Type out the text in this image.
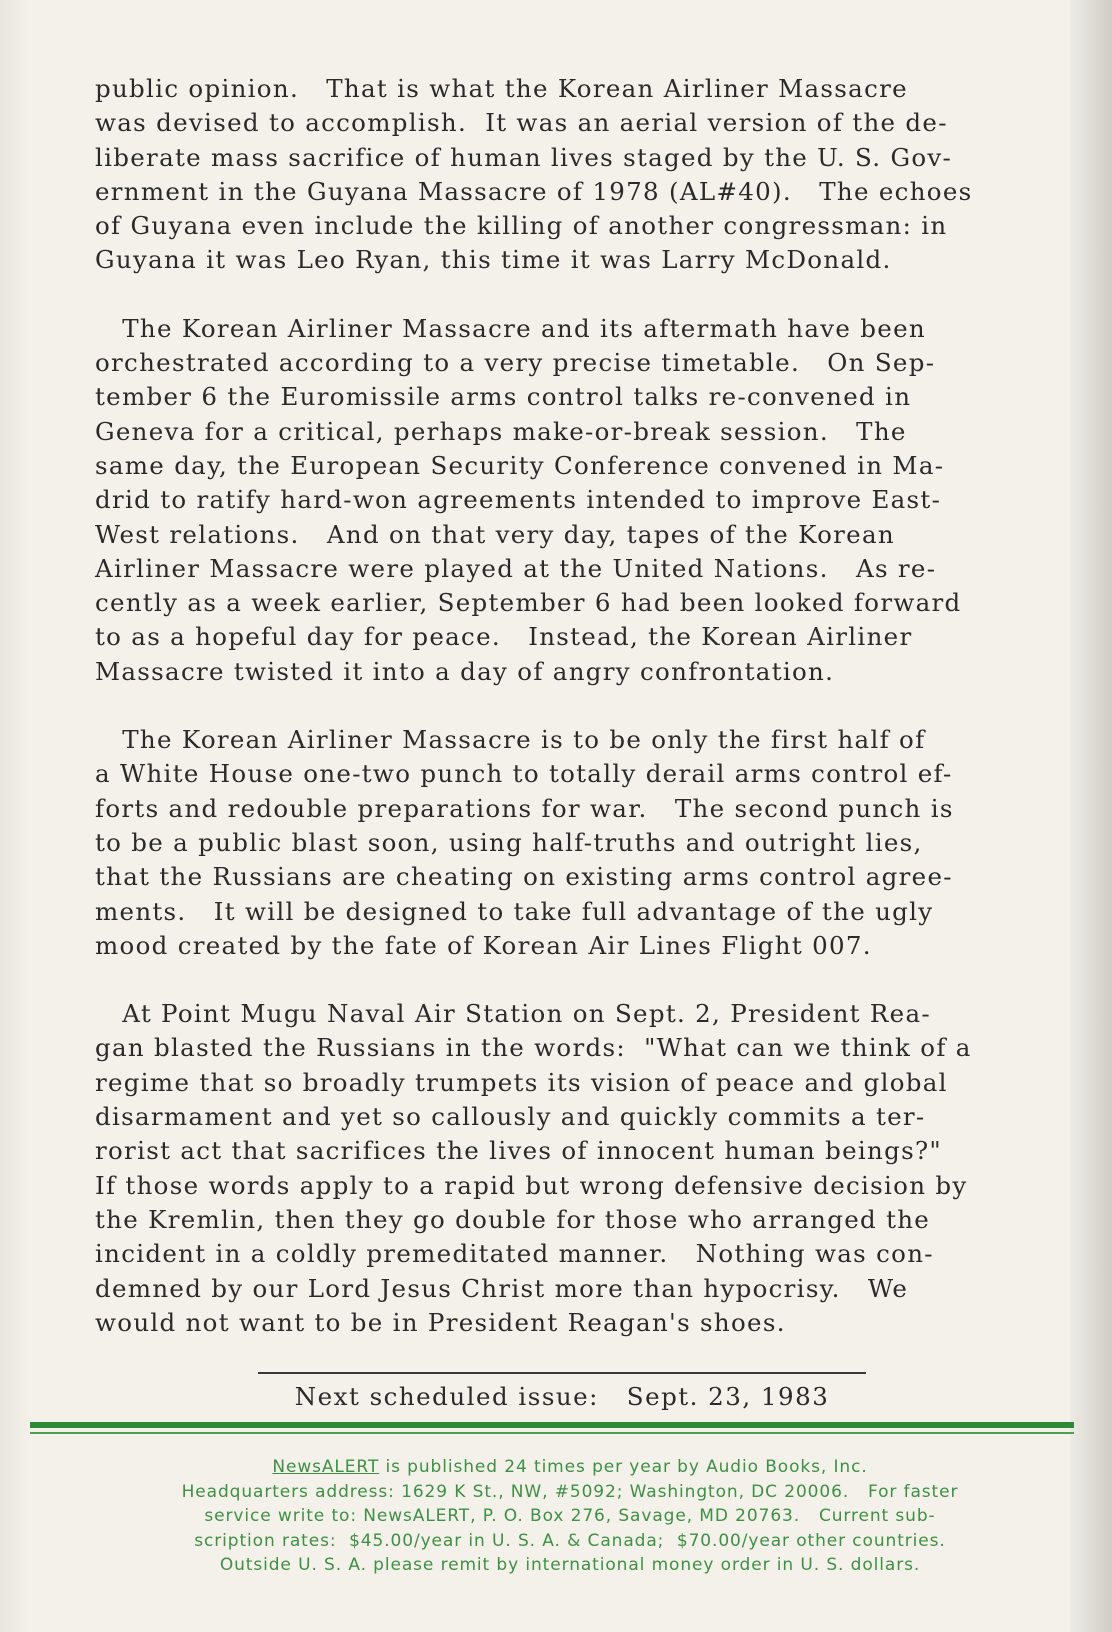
public opinion.   That is what the Korean Airliner Massacre
was devised to accomplish.  It was an aerial version of the de-
liberate mass sacrifice of human lives staged by the U. S. Gov-
ernment in the Guyana Massacre of 1978 (AL#40).   The echoes
of Guyana even include the killing of another congressman: in
Guyana it was Leo Ryan, this time it was Larry McDonald.
The Korean Airliner Massacre and its aftermath have been
orchestrated according to a very precise timetable.   On Sep-
tember 6 the Euromissile arms control talks re-convened in
Geneva for a critical, perhaps make-or-break session.   The
same day, the European Security Conference convened in Ma-
drid to ratify hard-won agreements intended to improve East-
West relations.   And on that very day, tapes of the Korean
Airliner Massacre were played at the United Nations.   As re-
cently as a week earlier, September 6 had been looked forward
to as a hopeful day for peace.   Instead, the Korean Airliner
Massacre twisted it into a day of angry confrontation.
The Korean Airliner Massacre is to be only the first half of
a White House one-two punch to totally derail arms control ef-
forts and redouble preparations for war.   The second punch is
to be a public blast soon, using half-truths and outright lies,
that the Russians are cheating on existing arms control agree-
ments.   It will be designed to take full advantage of the ugly
mood created by the fate of Korean Air Lines Flight 007.
At Point Mugu Naval Air Station on Sept. 2, President Rea-
gan blasted the Russians in the words:  "What can we think of a
regime that so broadly trumpets its vision of peace and global
disarmament and yet so callously and quickly commits a ter-
rorist act that sacrifices the lives of innocent human beings?"
If those words apply to a rapid but wrong defensive decision by
the Kremlin, then they go double for those who arranged the
incident in a coldly premeditated manner.   Nothing was con-
demned by our Lord Jesus Christ more than hypocrisy.   We
would not want to be in President Reagan's shoes.
Next scheduled issue:   Sept. 23, 1983
NewsALERT is published 24 times per year by Audio Books, Inc.
Headquarters address: 1629 K St., NW, #5092; Washington, DC 20006.   For faster
service write to: NewsALERT, P. O. Box 276, Savage, MD 20763.   Current sub-
scription rates:  $45.00/year in U. S. A. & Canada;  $70.00/year other countries.
Outside U. S. A. please remit by international money order in U. S. dollars.
